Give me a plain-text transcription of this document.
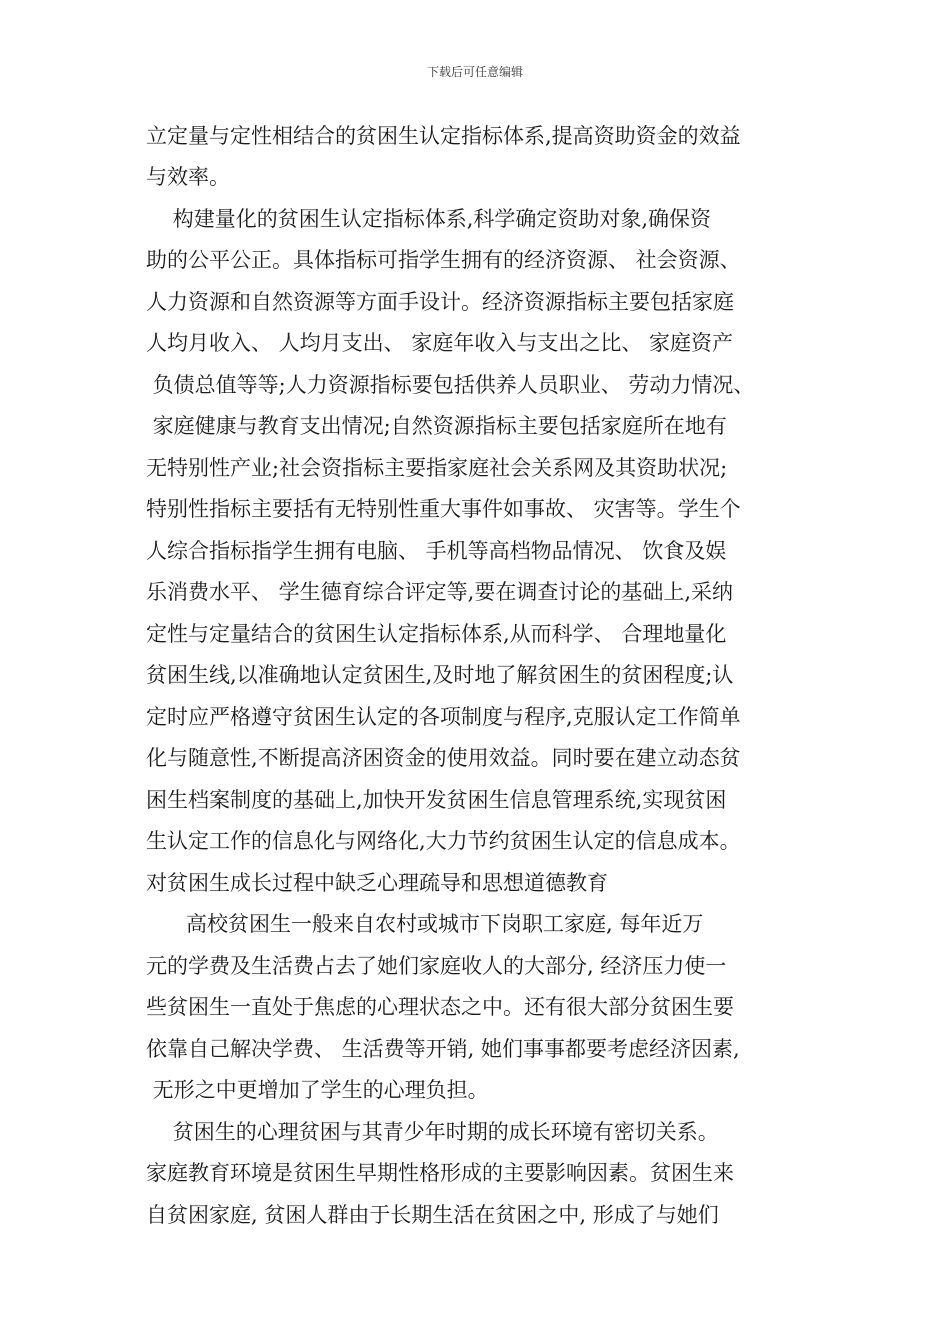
下载后可任意编辑
立定量与定性相结合的贫困生认定指标体系,提高资助资金的效益
与效率。
构建量化的贫困生认定指标体系,科学确定资助对象,确保资
助的公平公正。具体指标可指学生拥有的经济资源、 社会资源、
人力资源和自然资源等方面手设计。经济资源指标主要包括家庭
人均月收入、 人均月支出、 家庭年收入与支出之比、 家庭资产
负债总值等等;人力资源指标要包括供养人员职业、 劳动力情况、
家庭健康与教育支出情况;自然资源指标主要包括家庭所在地有
无特别性产业;社会资指标主要指家庭社会关系网及其资助状况;
特别性指标主要括有无特别性重大事件如事故、 灾害等。学生个
人综合指标指学生拥有电脑、 手机等高档物品情况、 饮食及娱
乐消费水平、 学生德育综合评定等,要在调查讨论的基础上,采纳
定性与定量结合的贫困生认定指标体系,从而科学、 合理地量化
贫困生线,以准确地认定贫困生,及时地了解贫困生的贫困程度;认
定时应严格遵守贫困生认定的各项制度与程序,克服认定工作简单
化与随意性,不断提高济困资金的使用效益。同时要在建立动态贫
困生档案制度的基础上,加快开发贫困生信息管理系统,实现贫困
生认定工作的信息化与网络化,大力节约贫困生认定的信息成本。
对贫困生成长过程中缺乏心理疏导和思想道德教育
高校贫困生一般来自农村或城市下岗职工家庭, 每年近万
元的学费及生活费占去了她们家庭收人的大部分, 经济压力使一
些贫困生一直处于焦虑的心理状态之中。还有很大部分贫困生要
依靠自己解决学费、 生活费等开销, 她们事事都要考虑经济因素,
无形之中更增加了学生的心理负担。
贫困生的心理贫困与其青少年时期的成长环境有密切关系。
家庭教育环境是贫困生早期性格形成的主要影响因素。贫困生来
自贫困家庭, 贫困人群由于长期生活在贫困之中, 形成了与她们
